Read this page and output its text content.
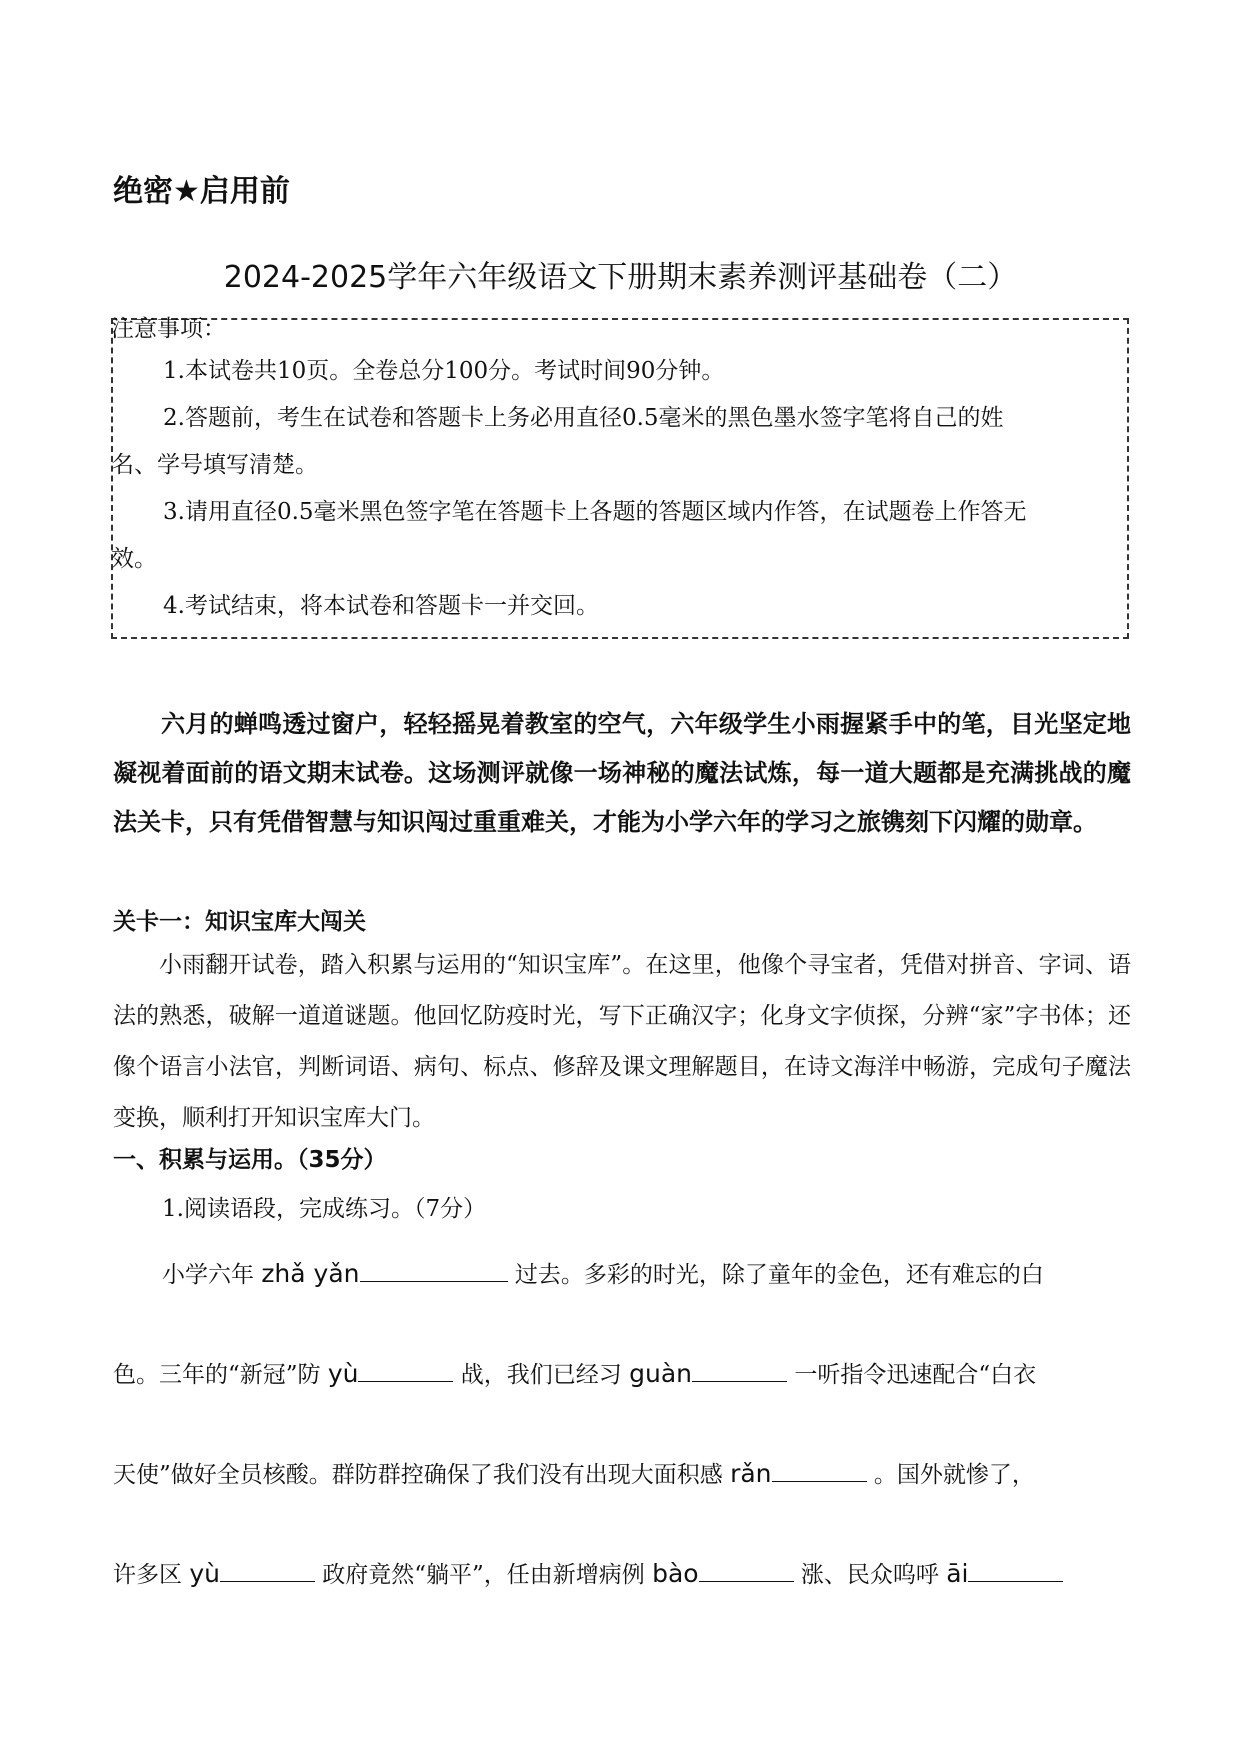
绝密★启用前
2024-2025学年六年级语文下册期末素养测评基础卷（二）
注意事项：
1.本试卷共10页。全卷总分100分。考试时间90分钟。
2.答题前，考生在试卷和答题卡上务必用直径0.5毫米的黑色墨水签字笔将自己的姓
名、学号填写清楚。
3.请用直径0.5毫米黑色签字笔在答题卡上各题的答题区域内作答，在试题卷上作答无
效。
4.考试结束，将本试卷和答题卡一并交回。
六月的蝉鸣透过窗户，轻轻摇晃着教室的空气，六年级学生小雨握紧手中的笔，目光坚定地凝视着面前的语文期末试卷。这场测评就像一场神秘的魔法试炼，每一道大题都是充满挑战的魔法关卡，只有凭借智慧与知识闯过重重难关，才能为小学六年的学习之旅镌刻下闪耀的勋章。
关卡一：知识宝库大闯关
小雨翻开试卷，踏入积累与运用的“知识宝库”。在这里，他像个寻宝者，凭借对拼音、字词、语法的熟悉，破解一道道谜题。他回忆防疫时光，写下正确汉字；化身文字侦探，分辨“家”字书体；还像个语言小法官，判断词语、病句、标点、修辞及课文理解题目，在诗文海洋中畅游，完成句子魔法变换，顺利打开知识宝库大门。
一、积累与运用。（35分）
1.阅读语段，完成练习。（7分）
小学六年 zhǎ yǎn	过去。多彩的时光，除了童年的金色，还有难忘的白
色。三年的“新冠”防 yù	战，我们已经习 guàn	一听指令迅速配合“白衣
天使”做好全员核酸。群防群控确保了我们没有出现大面积感 rǎn	。国外就惨了，
许多区 yù	政府竟然“躺平”，任由新增病例 bào	涨、民众呜呼 āi
